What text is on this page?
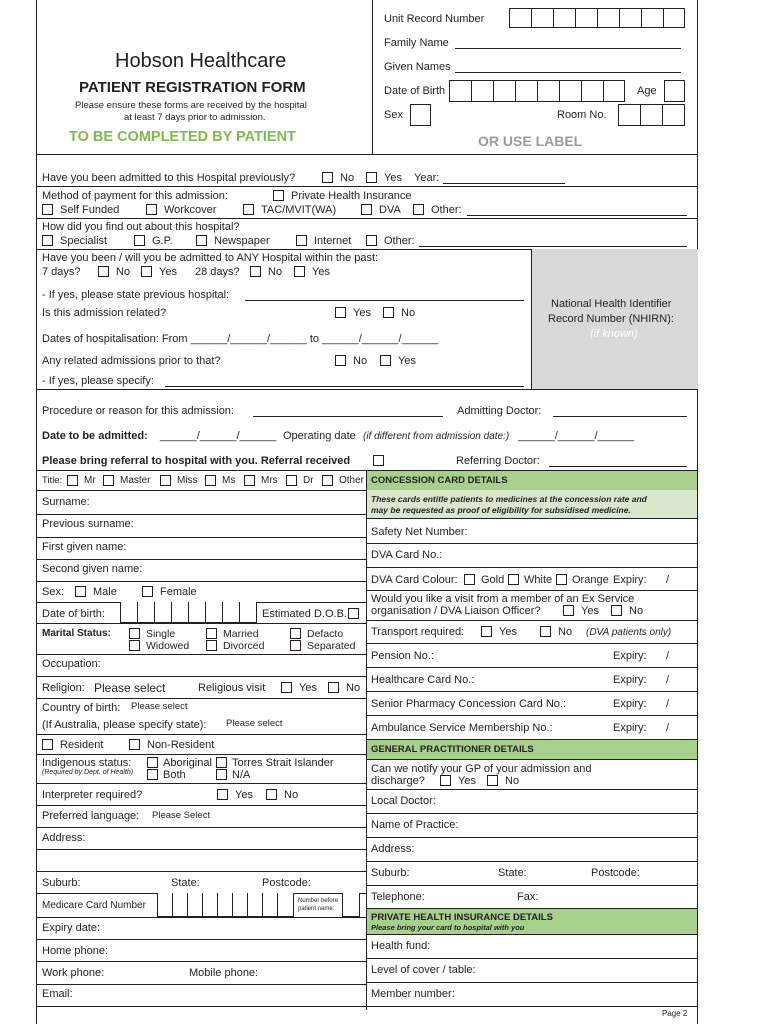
Hobson Healthcare
PATIENT REGISTRATION FORM
Please ensure these forms are received by the hospital
at least 7 days prior to admission.
TO BE COMPLETED BY PATIENT
Unit Record Number
Family Name
Given Names
Date of Birth	Age
Sex	Room No.
OR USE LABEL
Have you been admitted to this Hospital previously?	No	Yes Year:
Method of payment for this admission:	Private Health Insurance
Self Funded	Workcover	TAC/MVIT(WA)	DVA	Other:
How did you find out about this hospital?
Specialist	G.P.	Newspaper	Internet	Other:
National Health Identifier
Record Number (NHIRN):
(if known)
Have you been / will you be admitted to ANY Hospital within the past:
7 days?	No	Yes 28 days?	No	Yes
- If yes, please state previous hospital:
Is this admission related?	Yes	No
Dates of hospitalisation: From ______/______/______ to ______/______/______
Any related admissions prior to that?	No	Yes
- If yes, please specify:
Procedure or reason for this admission:	Admitting Doctor:
Date to be admitted: ______/______/______ Operating date (if different from admission date:) ______/______/______
Please bring referral to hospital with you. Referral received	Referring Doctor:
Title: Mr Master	Miss Ms	Mrs	Dr	Other
Surname:
Previous surname:
First given name:
Second given name:
Sex:	Male	Female
Date of birth:	Estimated D.O.B.
Marital Status:	Single	Married	Defacto
Widowed	Divorced	Separated
Occupation:
Religion: Please select	Religious visit	Yes	No
Country of birth: Please select
(If Australia, please specify state): Please select
Resident	Non-Resident
Indigenous status:
(Required by Dept. of Health)
Aboriginal Torres Strait Islander
Both	N/A
Interpreter required?	Yes	No
Preferred language: Please Select
Address:
Suburb:	State:	Postcode:
Medicare Card Number	Number before
patient name:
Expiry date:
Home phone:
Work phone:	Mobile phone:
Email:
CONCESSION CARD DETAILS
These cards entitle patients to medicines at the concession rate and
may be requested as proof of eligibility for subsidised medicine.
Safety Net Number:
DVA Card No.:
DVA Card Colour: Gold White Orange Expiry: /
Would you like a visit from a member of an Ex Service
organisation / DVA Liaison Officer?	Yes	No
Transport required:	Yes	No (DVA patients only)
Pension No.:	Expiry: /
Healthcare Card No.:	Expiry: /
Senior Pharmacy Concession Card No.:	Expiry: /
Ambulance Service Membership No.:	Expiry: /
GENERAL PRACTITIONER DETAILS
Can we notify your GP of your admission and
discharge?	Yes	No
Local Doctor:
Name of Practice:
Address:
Suburb:	State:	Postcode:
Telephone:	Fax:
PRIVATE HEALTH INSURANCE DETAILS
Please bring your card to hospital with you
Health fund:
Level of cover / table:
Member number:
Page 2
